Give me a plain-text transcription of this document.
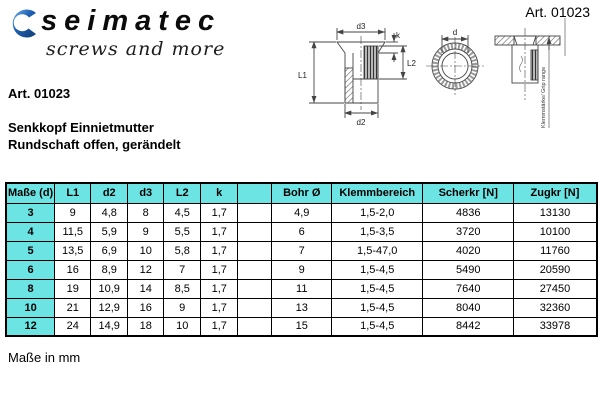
seimatec
screws and more
Art. 01023
Art. 01023
Senkkopf Einnietmutter
Rundschaft offen, gerändelt
d3
k
L2
L1
d2
d
Klemmstärke/ Grip range
Maße (d)	L1	d2	d3	L2	k		Bohr Ø	Klemmbereich	Scherkr [N]	Zugkr [N]
3	9	4,8	8	4,5	1,7		4,9	1,5-2,0	4836	13130
4	11,5	5,9	9	5,5	1,7		6	1,5-3,5	3720	10100
5	13,5	6,9	10	5,8	1,7		7	1,5-47,0	4020	11760
6	16	8,9	12	7	1,7		9	1,5-4,5	5490	20590
8	19	10,9	14	8,5	1,7		11	1,5-4,5	7640	27450
10	21	12,9	16	9	1,7		13	1,5-4,5	8040	32360
12	24	14,9	18	10	1,7		15	1,5-4,5	8442	33978
Maße in mm
